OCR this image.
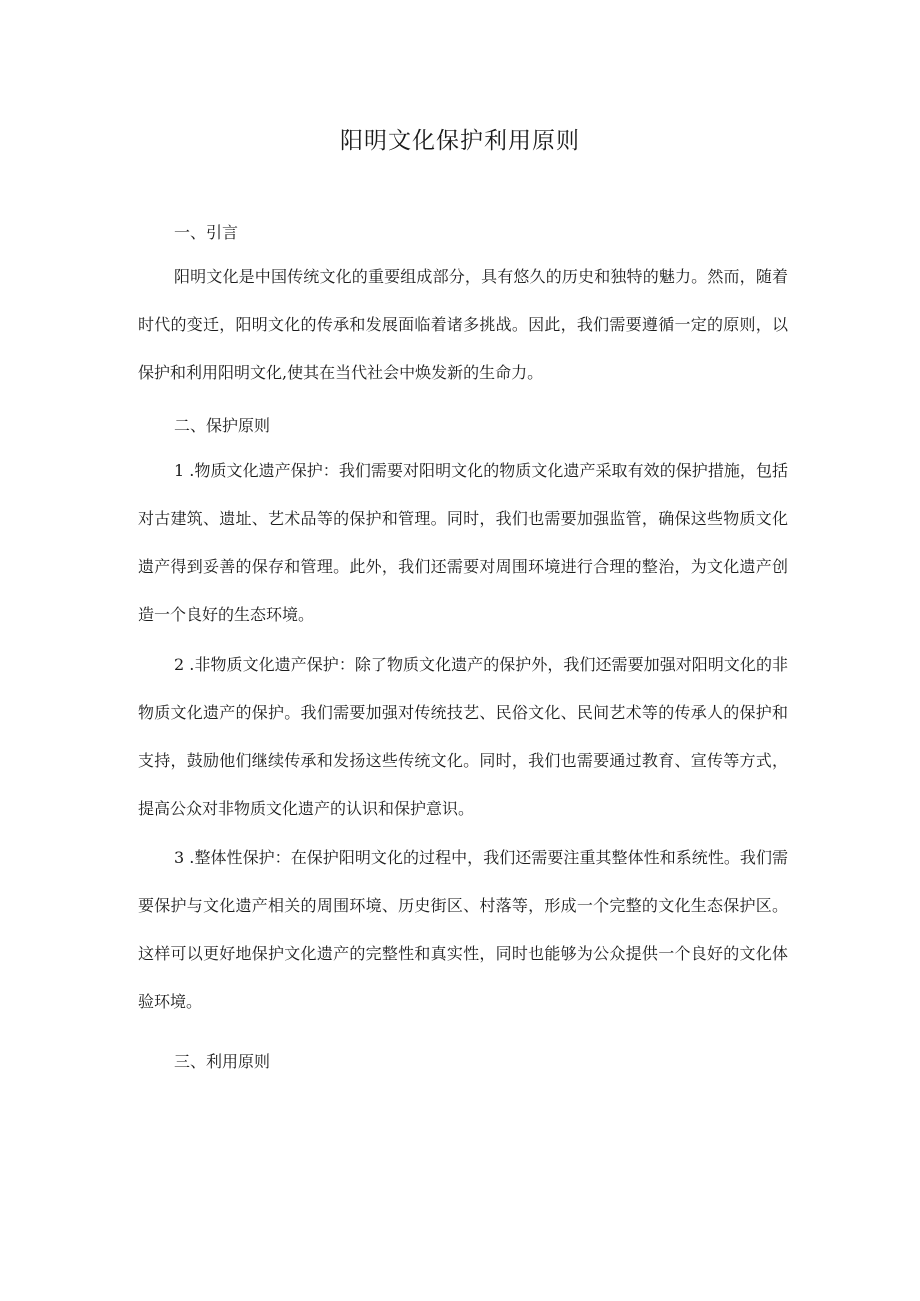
阳明文化保护利用原则
一、引言

阳明文化是中国传统文化的重要组成部分，具有悠久的历史和独特的魅力。然而，随着时代的变迁，阳明文化的传承和发展面临着诸多挑战。因此，我们需要遵循一定的原则，以保护和利用阳明文化,使其在当代社会中焕发新的生命力。

二、保护原则

1 .物质文化遗产保护：我们需要对阳明文化的物质文化遗产采取有效的保护措施，包括对古建筑、遗址、艺术品等的保护和管理。同时，我们也需要加强监管，确保这些物质文化遗产得到妥善的保存和管理。此外，我们还需要对周围环境进行合理的整治，为文化遗产创造一个良好的生态环境。

2 .非物质文化遗产保护：除了物质文化遗产的保护外，我们还需要加强对阳明文化的非物质文化遗产的保护。我们需要加强对传统技艺、民俗文化、民间艺术等的传承人的保护和支持，鼓励他们继续传承和发扬这些传统文化。同时，我们也需要通过教育、宣传等方式，提高公众对非物质文化遗产的认识和保护意识。

3 .整体性保护：在保护阳明文化的过程中，我们还需要注重其整体性和系统性。我们需要保护与文化遗产相关的周围环境、历史街区、村落等，形成一个完整的文化生态保护区。这样可以更好地保护文化遗产的完整性和真实性，同时也能够为公众提供一个良好的文化体验环境。

三、利用原则
